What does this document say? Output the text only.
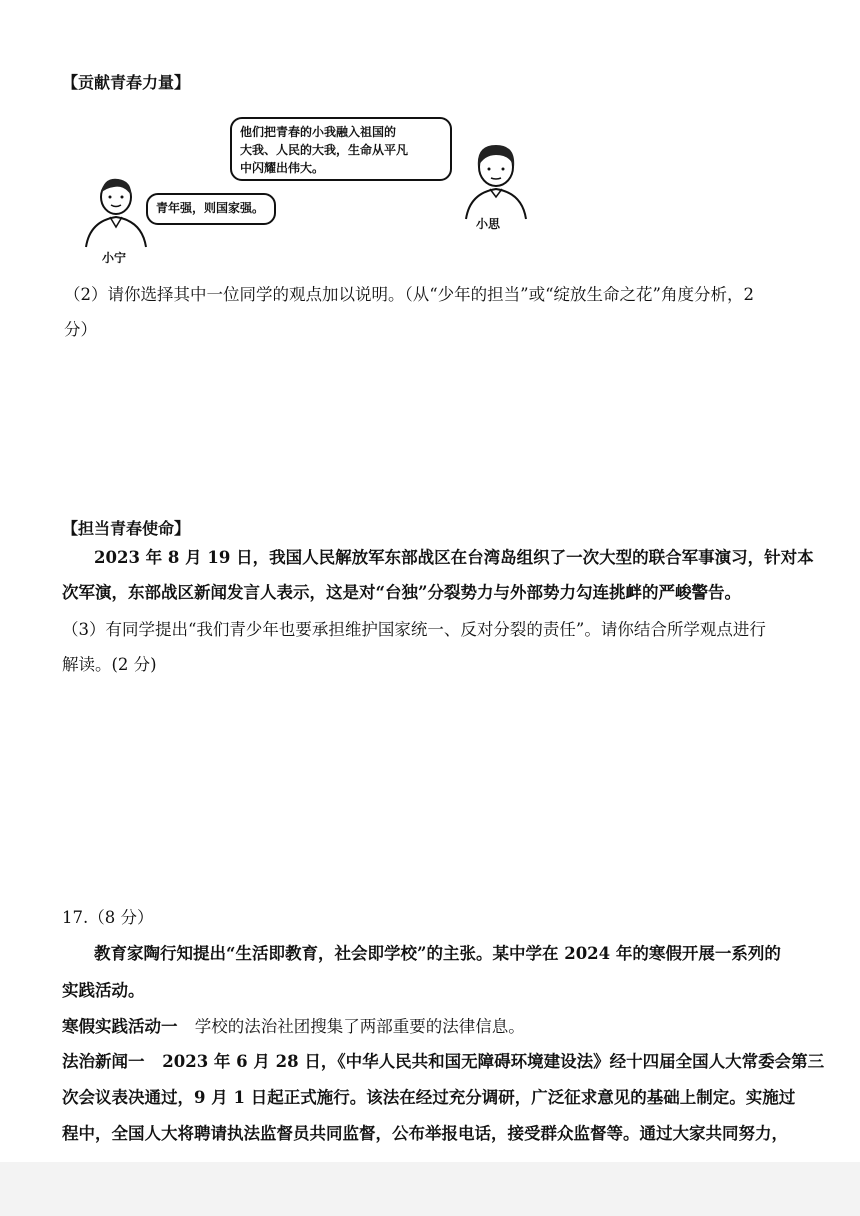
【贡献青春力量】
小宁
青年强，则国家强。
他们把青春的小我融入祖国的
大我、人民的大我，生命从平凡
中闪耀出伟大。
小思
（2）请你选择其中一位同学的观点加以说明。（从“少年的担当”或“绽放生命之花”角度分析，2
分）
【担当青春使命】
2023 年 8 月 19 日，我国人民解放军东部战区在台湾岛组织了一次大型的联合军事演习，针对本
次军演，东部战区新闻发言人表示，这是对“台独”分裂势力与外部势力勾连挑衅的严峻警告。
（3）有同学提出“我们青少年也要承担维护国家统一、反对分裂的责任”。请你结合所学观点进行
解读。(2 分)
17.（8 分）
教育家陶行知提出“生活即教育，社会即学校”的主张。某中学在 2024 年的寒假开展一系列的
实践活动。
寒假实践活动一 学校的法治社团搜集了两部重要的法律信息。
法治新闻一 2023 年 6 月 28 日，《中华人民共和国无障碍环境建设法》经十四届全国人大常委会第三
次会议表决通过，9 月 1 日起正式施行。该法在经过充分调研，广泛征求意见的基础上制定。实施过
程中，全国人大将聘请执法监督员共同监督，公布举报电话，接受群众监督等。通过大家共同努力，
